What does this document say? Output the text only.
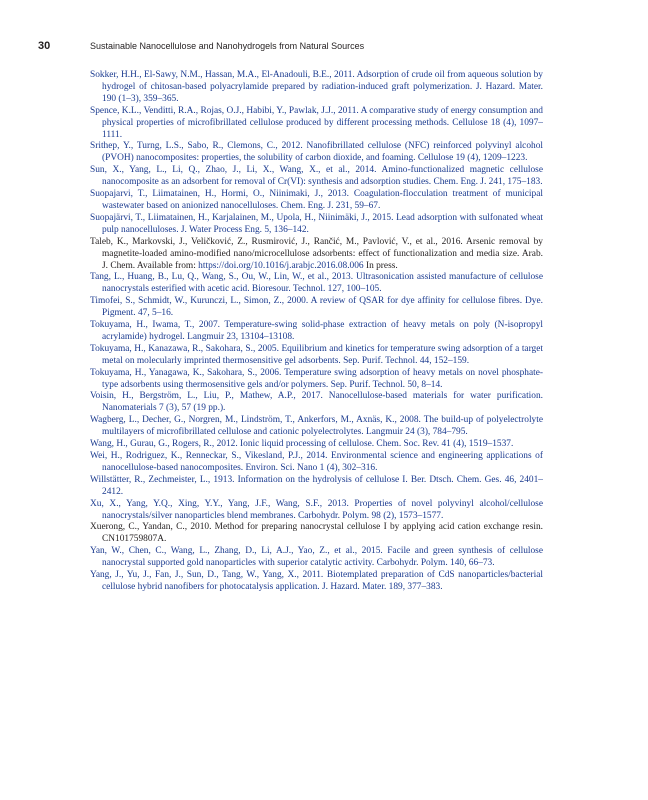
30	Sustainable Nanocellulose and Nanohydrogels from Natural Sources
Sokker, H.H., El-Sawy, N.M., Hassan, M.A., El-Anadouli, B.E., 2011. Adsorption of crude oil from aqueous solution by hydrogel of chitosan-based polyacrylamide prepared by radiation-induced graft polymerization. J. Hazard. Mater. 190 (1–3), 359–365.
Spence, K.L., Venditti, R.A., Rojas, O.J., Habibi, Y., Pawlak, J.J., 2011. A comparative study of energy consumption and physical properties of microfibrillated cellulose produced by different processing methods. Cellulose 18 (4), 1097–1111.
Srithep, Y., Turng, L.S., Sabo, R., Clemons, C., 2012. Nanofibrillated cellulose (NFC) reinforced polyvinyl alcohol (PVOH) nanocomposites: properties, the solubility of carbon dioxide, and foaming. Cellulose 19 (4), 1209–1223.
Sun, X., Yang, L., Li, Q., Zhao, J., Li, X., Wang, X., et al., 2014. Amino-functionalized magnetic cellulose nanocomposite as an adsorbent for removal of Cr(VI): synthesis and adsorption studies. Chem. Eng. J. 241, 175–183.
Suopajarvi, T., Liimatainen, H., Hormi, O., Niinimaki, J., 2013. Coagulation-flocculation treatment of municipal wastewater based on anionized nanocelluloses. Chem. Eng. J. 231, 59–67.
Suopajärvi, T., Liimatainen, H., Karjalainen, M., Upola, H., Niinimäki, J., 2015. Lead adsorption with sulfonated wheat pulp nanocelluloses. J. Water Process Eng. 5, 136–142.
Taleb, K., Markovski, J., Veličković, Z., Rusmirović, J., Rančić, M., Pavlović, V., et al., 2016. Arsenic removal by magnetite-loaded amino-modified nano/microcellulose adsorbents: effect of functionalization and media size. Arab. J. Chem. Available from: https://doi.org/10.1016/j.arabjc.2016.08.006 In press.
Tang, L., Huang, B., Lu, Q., Wang, S., Ou, W., Lin, W., et al., 2013. Ultrasonication assisted manufacture of cellulose nanocrystals esterified with acetic acid. Bioresour. Technol. 127, 100–105.
Timofei, S., Schmidt, W., Kurunczi, L., Simon, Z., 2000. A review of QSAR for dye affinity for cellulose fibres. Dye. Pigment. 47, 5–16.
Tokuyama, H., Iwama, T., 2007. Temperature-swing solid-phase extraction of heavy metals on poly (N-isopropyl acrylamide) hydrogel. Langmuir 23, 13104–13108.
Tokuyama, H., Kanazawa, R., Sakohara, S., 2005. Equilibrium and kinetics for temperature swing adsorption of a target metal on molecularly imprinted thermosensitive gel adsorbents. Sep. Purif. Technol. 44, 152–159.
Tokuyama, H., Yanagawa, K., Sakohara, S., 2006. Temperature swing adsorption of heavy metals on novel phosphate-type adsorbents using thermosensitive gels and/or polymers. Sep. Purif. Technol. 50, 8–14.
Voisin, H., Bergström, L., Liu, P., Mathew, A.P., 2017. Nanocellulose-based materials for water purification. Nanomaterials 7 (3), 57 (19 pp.).
Wagberg, L., Decher, G., Norgren, M., Lindström, T., Ankerfors, M., Axnäs, K., 2008. The build-up of polyelectrolyte multilayers of microfibrillated cellulose and cationic polyelectrolytes. Langmuir 24 (3), 784–795.
Wang, H., Gurau, G., Rogers, R., 2012. Ionic liquid processing of cellulose. Chem. Soc. Rev. 41 (4), 1519–1537.
Wei, H., Rodriguez, K., Renneckar, S., Vikesland, P.J., 2014. Environmental science and engineering applications of nanocellulose-based nanocomposites. Environ. Sci. Nano 1 (4), 302–316.
Willstätter, R., Zechmeister, L., 1913. Information on the hydrolysis of cellulose I. Ber. Dtsch. Chem. Ges. 46, 2401–2412.
Xu, X., Yang, Y.Q., Xing, Y.Y., Yang, J.F., Wang, S.F., 2013. Properties of novel polyvinyl alcohol/cellulose nanocrystals/silver nanoparticles blend membranes. Carbohydr. Polym. 98 (2), 1573–1577.
Xuerong, C., Yandan, C., 2010. Method for preparing nanocrystal cellulose I by applying acid cation exchange resin. CN101759807A.
Yan, W., Chen, C., Wang, L., Zhang, D., Li, A.J., Yao, Z., et al., 2015. Facile and green synthesis of cellulose nanocrystal supported gold nanoparticles with superior catalytic activity. Carbohydr. Polym. 140, 66–73.
Yang, J., Yu, J., Fan, J., Sun, D., Tang, W., Yang, X., 2011. Biotemplated preparation of CdS nanoparticles/bacterial cellulose hybrid nanofibers for photocatalysis application. J. Hazard. Mater. 189, 377–383.
